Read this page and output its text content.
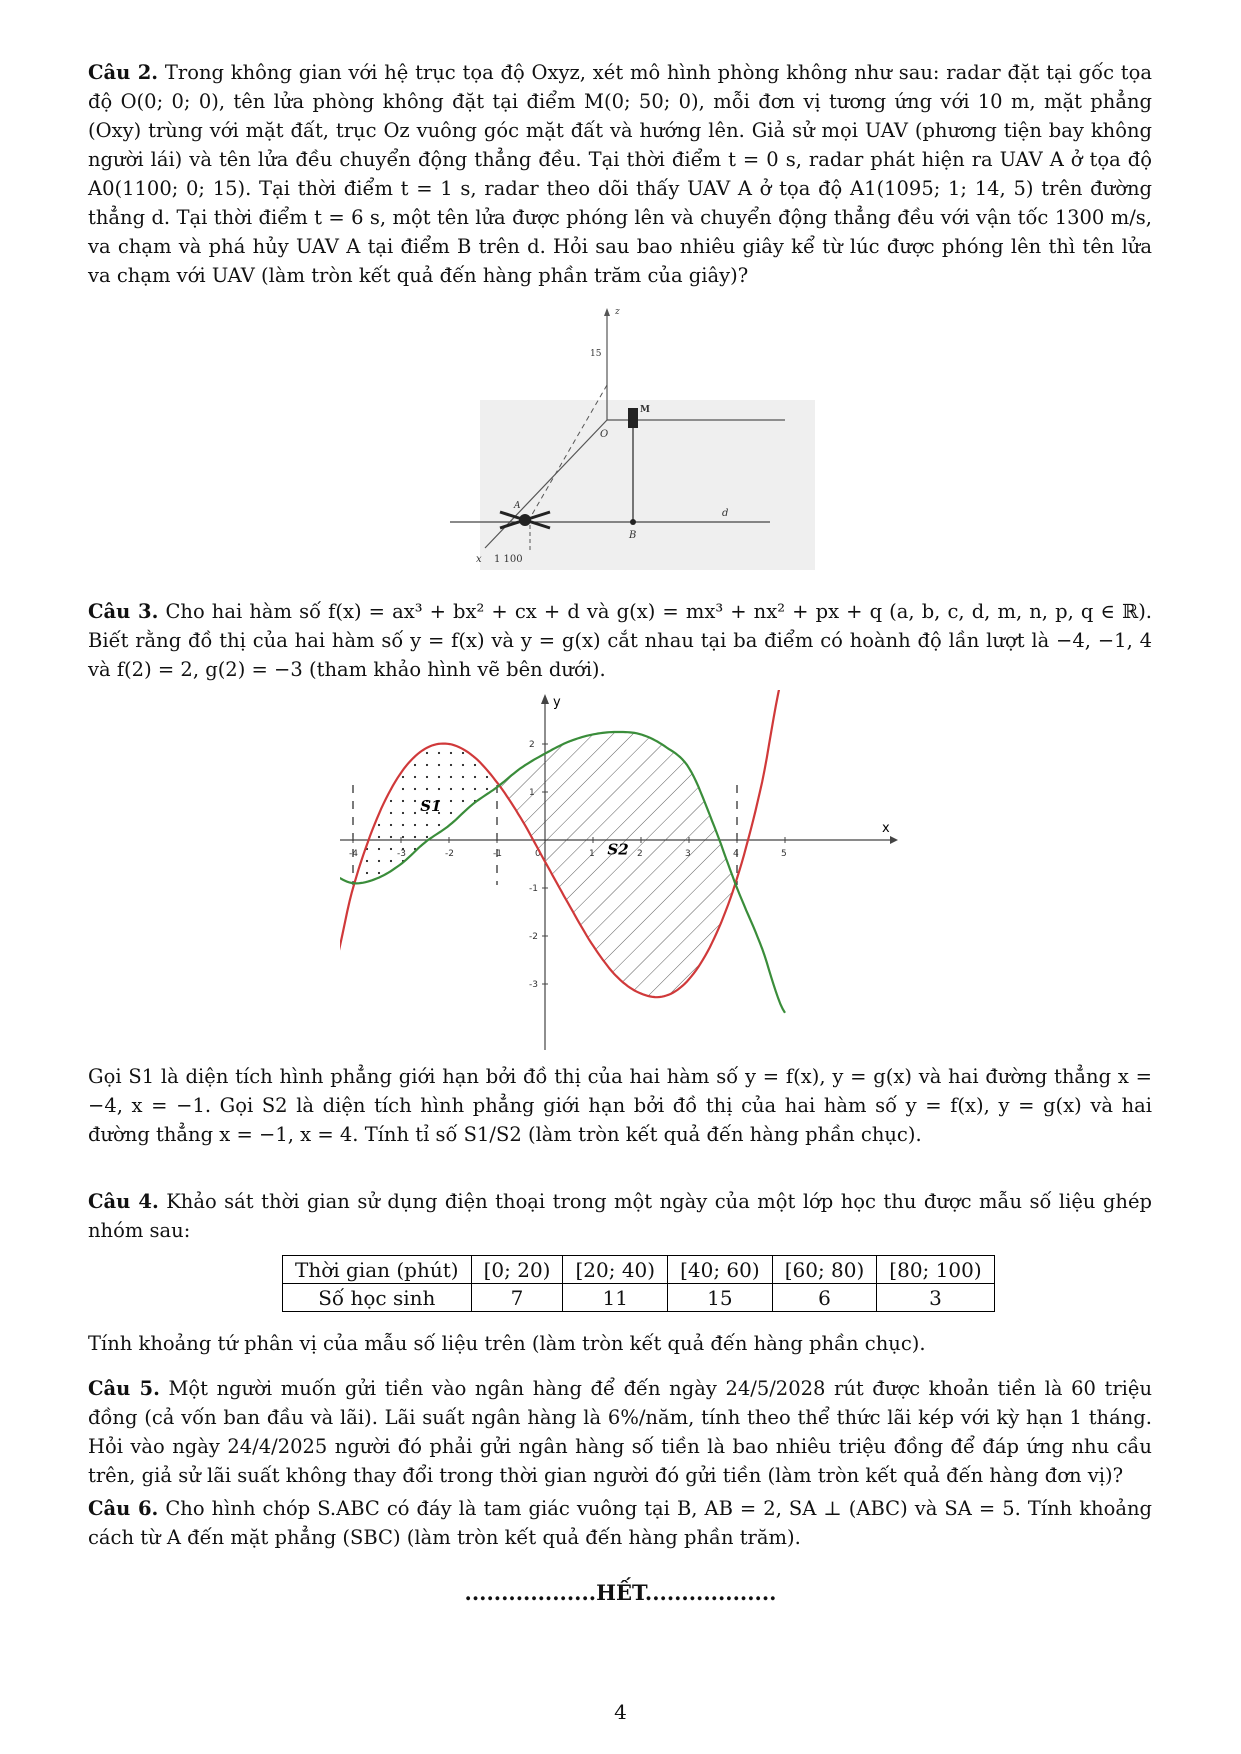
Câu 2. Trong không gian với hệ trục tọa độ Oxyz, xét mô hình phòng không như sau: radar đặt tại gốc tọa độ O(0; 0; 0), tên lửa phòng không đặt tại điểm M(0; 50; 0), mỗi đơn vị tương ứng với 10 m, mặt phẳng (Oxy) trùng với mặt đất, trục Oz vuông góc mặt đất và hướng lên. Giả sử mọi UAV (phương tiện bay không người lái) và tên lửa đều chuyển động thẳng đều. Tại thời điểm t = 0 s, radar phát hiện ra UAV A ở tọa độ A0(1100; 0; 15). Tại thời điểm t = 1 s, radar theo dõi thấy UAV A ở tọa độ A1(1095; 1; 14, 5) trên đường thẳng d. Tại thời điểm t = 6 s, một tên lửa được phóng lên và chuyển động thẳng đều với vận tốc 1300 m/s, va chạm và phá hủy UAV A tại điểm B trên d. Hỏi sau bao nhiêu giây kể từ lúc được phóng lên thì tên lửa va chạm với UAV (làm tròn kết quả đến hàng phần trăm của giây)?
15
z
O
M
A
B
d
x 1 100
Câu 3. Cho hai hàm số f(x) = ax³ + bx² + cx + d và g(x) = mx³ + nx² + px + q (a, b, c, d, m, n, p, q ∈ ℝ). Biết rằng đồ thị của hai hàm số y = f(x) và y = g(x) cắt nhau tại ba điểm có hoành độ lần lượt là −4, −1, 4 và f(2) = 2, g(2) = −3 (tham khảo hình vẽ bên dưới).
-4	-3	-2	-1	1	2	3	4	5
0
2
1
-1
-2
-3
x
y
S1
S2
Gọi S1 là diện tích hình phẳng giới hạn bởi đồ thị của hai hàm số y = f(x), y = g(x) và hai đường thẳng x = −4, x = −1. Gọi S2 là diện tích hình phẳng giới hạn bởi đồ thị của hai hàm số y = f(x), y = g(x) và hai đường thẳng x = −1, x = 4. Tính tỉ số S1/S2 (làm tròn kết quả đến hàng phần chục).
Câu 4. Khảo sát thời gian sử dụng điện thoại trong một ngày của một lớp học thu được mẫu số liệu ghép nhóm sau:
Thời gian (phút)	[0; 20)	[20; 40)	[40; 60)	[60; 80)	[80; 100)
Số học sinh	7	11	15	6	3
Tính khoảng tứ phân vị của mẫu số liệu trên (làm tròn kết quả đến hàng phần chục).
Câu 5. Một người muốn gửi tiền vào ngân hàng để đến ngày 24/5/2028 rút được khoản tiền là 60 triệu đồng (cả vốn ban đầu và lãi). Lãi suất ngân hàng là 6%/năm, tính theo thể thức lãi kép với kỳ hạn 1 tháng. Hỏi vào ngày 24/4/2025 người đó phải gửi ngân hàng số tiền là bao nhiêu triệu đồng để đáp ứng nhu cầu trên, giả sử lãi suất không thay đổi trong thời gian người đó gửi tiền (làm tròn kết quả đến hàng đơn vị)?
Câu 6. Cho hình chóp S.ABC có đáy là tam giác vuông tại B, AB = 2, SA ⊥ (ABC) và SA = 5. Tính khoảng cách từ A đến mặt phẳng (SBC) (làm tròn kết quả đến hàng phần trăm).
..................HẾT..................
4
